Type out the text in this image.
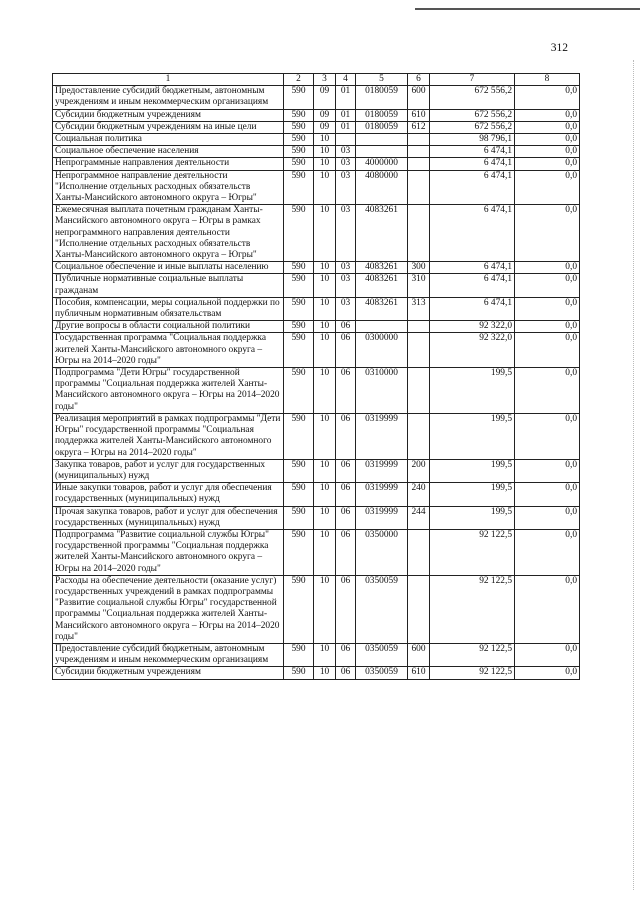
312
1	2	3	4	5	6	7	8
Предоставление субсидий бюджетным, автономным учреждениям и иным некоммерческим организациям	590	09	01	0180059	600	672 556,2	0,0
Субсидии бюджетным учреждениям	590	09	01	0180059	610	672 556,2	0,0
Субсидии бюджетным учреждениям на иные цели	590	09	01	0180059	612	672 556,2	0,0
Социальная политика	590	10				98 796,1	0,0
Социальное обеспечение населения	590	10	03			6 474,1	0,0
Непрограммные направления деятельности	590	10	03	4000000		6 474,1	0,0
Непрограммное направление деятельности "Исполнение отдельных расходных обязательств Ханты-Мансийского автономного округа – Югры"	590	10	03	4080000		6 474,1	0,0
Ежемесячная выплата почетным гражданам Ханты-Мансийского автономного округа – Югры в рамках непрограммного направления деятельности "Исполнение отдельных расходных обязательств Ханты-Мансийского автономного округа – Югры"	590	10	03	4083261		6 474,1	0,0
Социальное обеспечение и иные выплаты населению	590	10	03	4083261	300	6 474,1	0,0
Публичные нормативные социальные выплаты гражданам	590	10	03	4083261	310	6 474,1	0,0
Пособия, компенсации, меры социальной поддержки по публичным нормативным обязательствам	590	10	03	4083261	313	6 474,1	0,0
Другие вопросы в области социальной политики	590	10	06			92 322,0	0,0
Государственная программа "Социальная поддержка жителей Ханты-Мансийского автономного округа – Югры на 2014–2020 годы"	590	10	06	0300000		92 322,0	0,0
Подпрограмма "Дети Югры" государственной программы "Социальная поддержка жителей Ханты-Мансийского автономного округа – Югры на 2014–2020 годы"	590	10	06	0310000		199,5	0,0
Реализация мероприятий в рамках подпрограммы "Дети Югры" государственной программы "Социальная поддержка жителей Ханты-Мансийского автономного округа – Югры на 2014–2020 годы"	590	10	06	0319999		199,5	0,0
Закупка товаров, работ и услуг для государственных (муниципальных) нужд	590	10	06	0319999	200	199,5	0,0
Иные закупки товаров, работ и услуг для обеспечения государственных (муниципальных) нужд	590	10	06	0319999	240	199,5	0,0
Прочая закупка товаров, работ и услуг для обеспечения государственных (муниципальных) нужд	590	10	06	0319999	244	199,5	0,0
Подпрограмма "Развитие социальной службы Югры" государственной программы "Социальная поддержка жителей Ханты-Мансийского автономного округа – Югры на 2014–2020 годы"	590	10	06	0350000		92 122,5	0,0
Расходы на обеспечение деятельности (оказание услуг) государственных учреждений в рамках подпрограммы "Развитие социальной службы Югры" государственной программы "Социальная поддержка жителей Ханты-Мансийского автономного округа – Югры на 2014–2020 годы"	590	10	06	0350059		92 122,5	0,0
Предоставление субсидий бюджетным, автономным учреждениям и иным некоммерческим организациям	590	10	06	0350059	600	92 122,5	0,0
Субсидии бюджетным учреждениям	590	10	06	0350059	610	92 122,5	0,0
